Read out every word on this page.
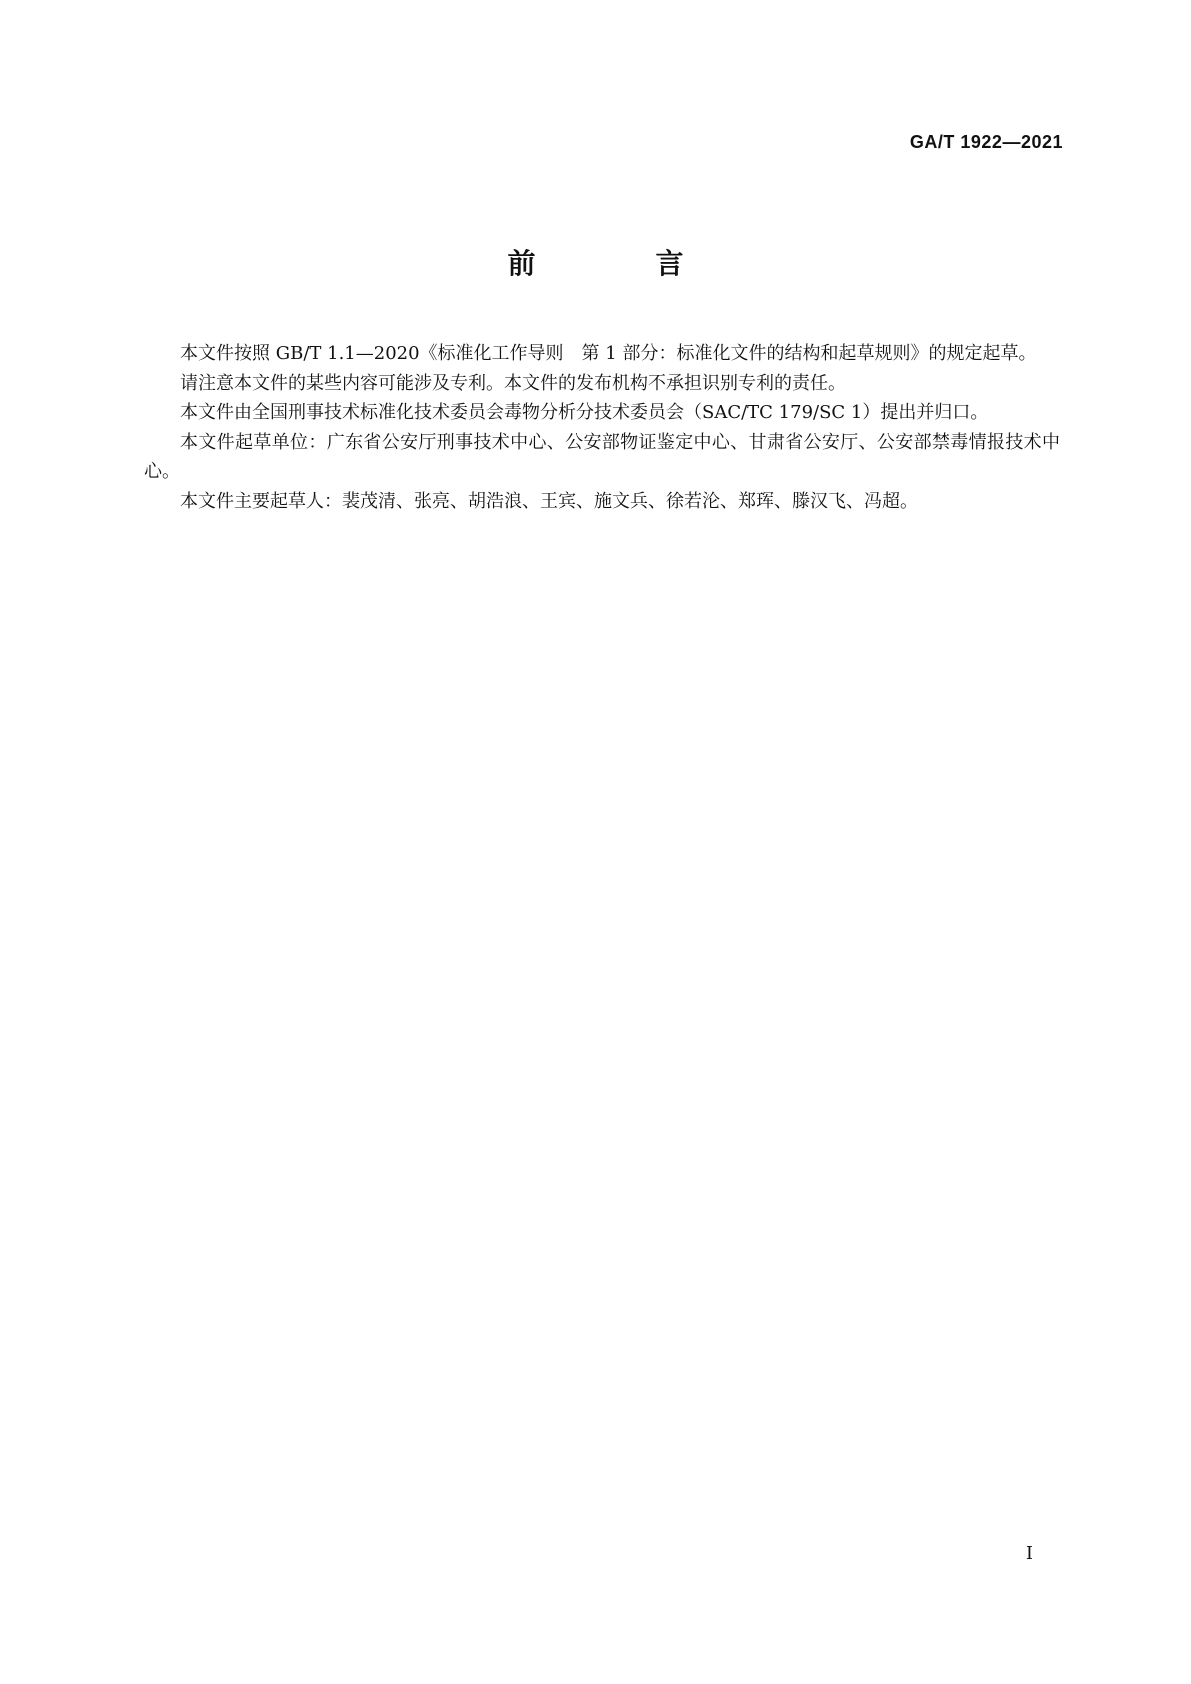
GA/T 1922—2021
前　言

本文件按照 GB/T 1.1—2020《标准化工作导则　第 1 部分：标准化文件的结构和起草规则》的规定起草。

请注意本文件的某些内容可能涉及专利。本文件的发布机构不承担识别专利的责任。

本文件由全国刑事技术标准化技术委员会毒物分析分技术委员会（SAC/TC 179/SC 1）提出并归口。

本文件起草单位：广东省公安厅刑事技术中心、公安部物证鉴定中心、甘肃省公安厅、公安部禁毒情报技术中心。

本文件主要起草人：裴茂清、张亮、胡浩浪、王宾、施文兵、徐若沦、郑珲、滕汉飞、冯超。

I
